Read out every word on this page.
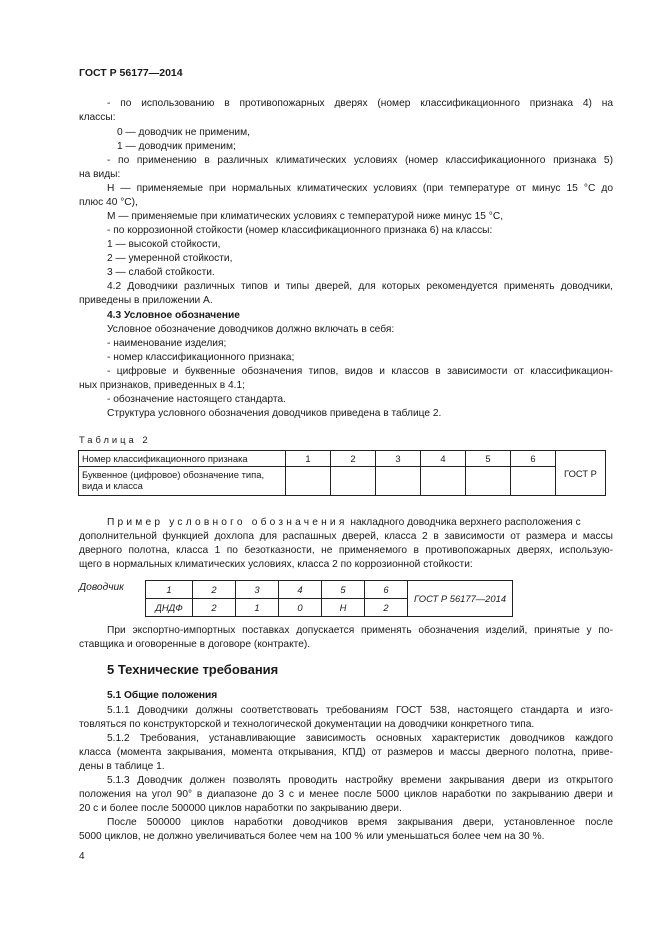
ГОСТ Р 56177—2014
- по использованию в противопожарных дверях (номер классификационного признака 4) на
классы:
0 — доводчик не применим,
1 — доводчик применим;
- по применению в различных климатических условиях (номер классификационного признака 5)
на виды:
Н — применяемые при нормальных климатических условиях (при температуре от минус 15 °С до
плюс 40 °С),
М — применяемые при климатических условиях с температурой ниже минус 15 °С,
- по коррозионной стойкости (номер классификационного признака 6) на классы:
1 — высокой стойкости,
2 — умеренной стойкости,
3 — слабой стойкости.
4.2 Доводчики различных типов и типы дверей, для которых рекомендуется применять доводчики,
приведены в приложении А.
4.3 Условное обозначение
Условное обозначение доводчиков должно включать в себя:
- наименование изделия;
- номер классификационного признака;
- цифровые и буквенные обозначения типов, видов и классов в зависимости от классификацион-
ных признаков, приведенных в 4.1;
- обозначение настоящего стандарта.
Структура условного обозначения доводчиков приведена в таблице 2.
Таблица 2
Номер классификационного признака	1	2	3	4	5	6	ГОСТ Р
Буквенное (цифровое) обозначение типа, вида и класса							
Пример условного обозначения накладного доводчика верхнего расположения с
дополнительной функцией дохлопа для распашных дверей, класса 2 в зависимости от размера и массы
дверного полотна, класса 1 по безотказности, не применяемого в противопожарных дверях, использую-
щего в нормальных климатических условиях, класса 2 по коррозионной стойкости:
Доводчик	1	2	3	4	5	6	ГОСТ Р 56177—2014
ДНДФ	2	1	0	Н	2	
При экспортно-импортных поставках допускается применять обозначения изделий, принятые у по-
ставщика и оговоренные в договоре (контракте).
5 Технические требования
5.1 Общие положения
5.1.1 Доводчики должны соответствовать требованиям ГОСТ 538, настоящего стандарта и изго-
товляться по конструкторской и технологической документации на доводчики конкретного типа.
5.1.2 Требования, устанавливающие зависимость основных характеристик доводчиков каждого
класса (момента закрывания, момента открывания, КПД) от размеров и массы дверного полотна, приве-
дены в таблице 1.
5.1.3 Доводчик должен позволять проводить настройку времени закрывания двери из открытого
положения на угол 90° в диапазоне до 3 с и менее после 5000 циклов наработки по закрыванию двери и
20 с и более после 500000 циклов наработки по закрыванию двери.
После 500000 циклов наработки доводчиков время закрывания двери, установленное после
5000 циклов, не должно увеличиваться более чем на 100 % или уменьшаться более чем на 30 %.
4
